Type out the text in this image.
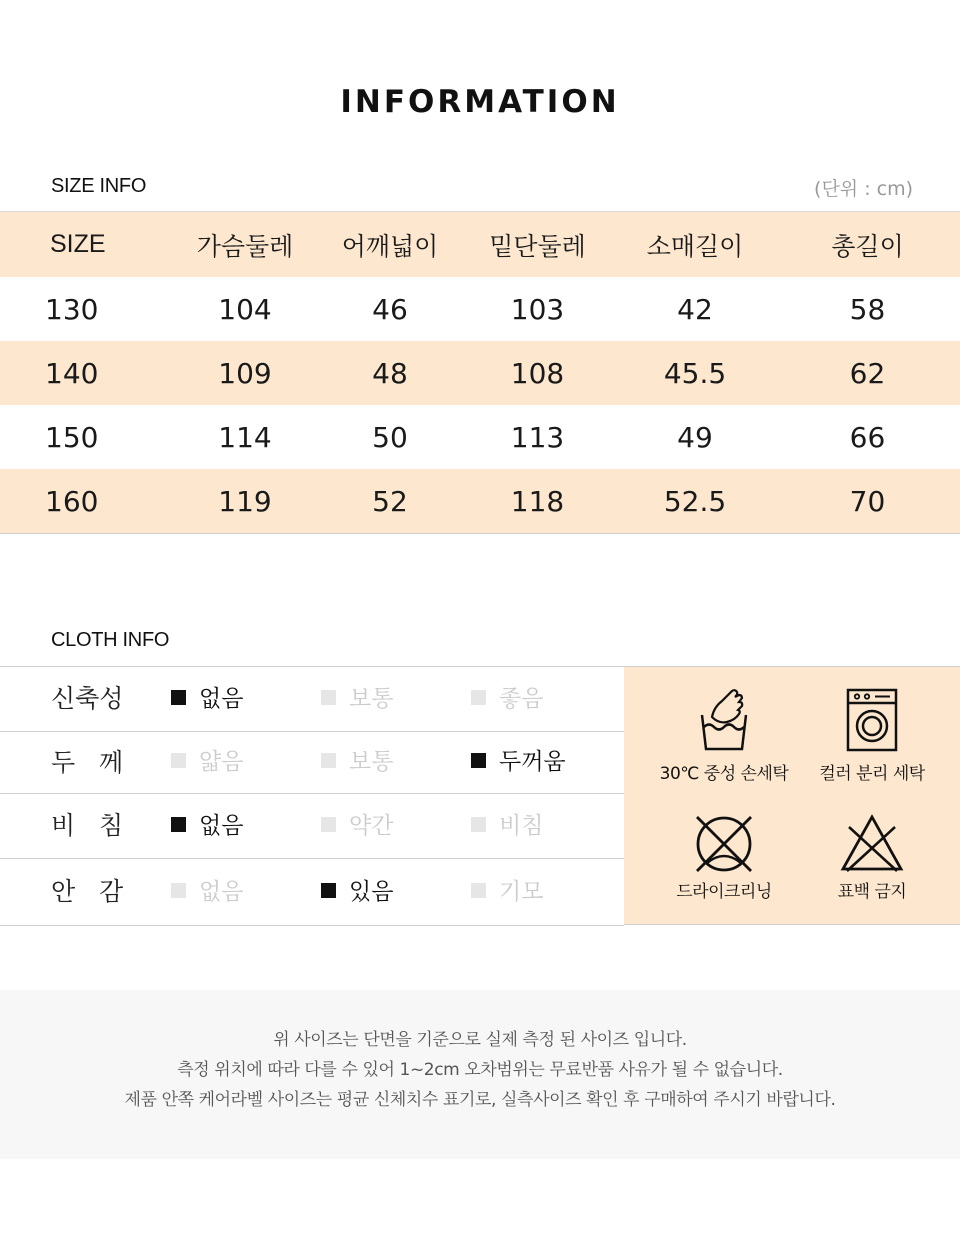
INFORMATION
SIZE INFO	(단위 : cm)
SIZE	가슴둘레	어깨넓이	밑단둘레	소매길이	총길이
130	104	46	103	42	58
140	109	48	108	45.5	62
150	114	50	113	49	66
160	119	52	118	52.5	70
CLOTH INFO
신축성	없음	보통	좋음
두   께	얇음	보통	두꺼움
비   침	없음	약간	비침
안   감	없음	있음	기모
30℃ 중성 손세탁	컬러 분리 세탁
드라이크리닝	표백 금지

위 사이즈는 단면을 기준으로 실제 측정 된 사이즈 입니다.

측정 위치에 따라 다를 수 있어 1~2cm 오차범위는 무료반품 사유가 될 수 없습니다.

제품 안쪽 케어라벨 사이즈는 평균 신체치수 표기로, 실측사이즈 확인 후 구매하여 주시기 바랍니다.
